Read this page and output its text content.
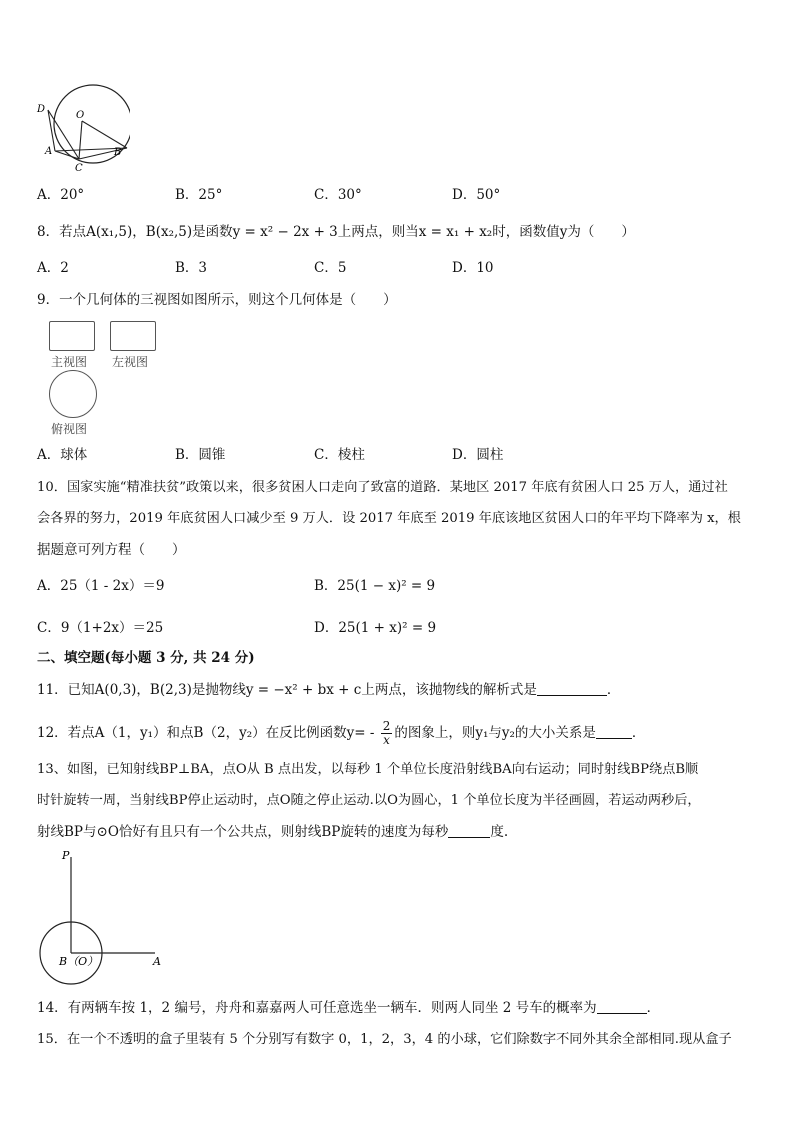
D
O
A	B
C
A．20°	B．25°	C．30°	D．50°
8．若点A(x₁,5)，B(x₂,5)是函数y = x² − 2x + 3上两点，则当x = x₁ + x₂时，函数值y为（　　）
A．2	B．3	C．5	D．10
9．一个几何体的三视图如图所示，则这个几何体是（　　）
主视图 左视图
俯视图
A．球体	B．圆锥	C．棱柱	D．圆柱
10．国家实施“精准扶贫”政策以来，很多贫困人口走向了致富的道路．某地区 2017 年底有贫困人口 25 万人，通过社
会各界的努力，2019 年底贫困人口减少至 9 万人．设 2017 年底至 2019 年底该地区贫困人口的年平均下降率为 x，根
据题意可列方程（　　）
A．25（1 - 2x）＝9	B．25(1 − x)² = 9
C．9（1+2x）＝25	D．25(1 + x)² = 9
二、填空题(每小题 3 分, 共 24 分)
11．已知A(0,3)，B(2,3)是抛物线y = −x² + bx + c上两点，该抛物线的解析式是	．
12．若点A（1，y₁）和点B（2，y₂）在反比例函数$y= - \frac{2}{x}$ 的图象上，则y₁与y₂的大小关系是	．
13、如图，已知射线BP⊥BA，点O从 B 点出发，以每秒 1 个单位长度沿射线BA向右运动；同时射线BP绕点B顺
时针旋转一周，当射线BP停止运动时，点O随之停止运动.以O为圆心，1 个单位长度为半径画圆，若运动两秒后，
射线BP与⊙O恰好有且只有一个公共点，则射线BP旋转的速度为每秒	度.
P
B（O）	A
14．有两辆车按 1，2 编号，舟舟和嘉嘉两人可任意选坐一辆车．则两人同坐 2 号车的概率为	．
15．在一个不透明的盒子里装有 5 个分别写有数字 0，1，2，3，4 的小球，它们除数字不同外其余全部相同.现从盒子
